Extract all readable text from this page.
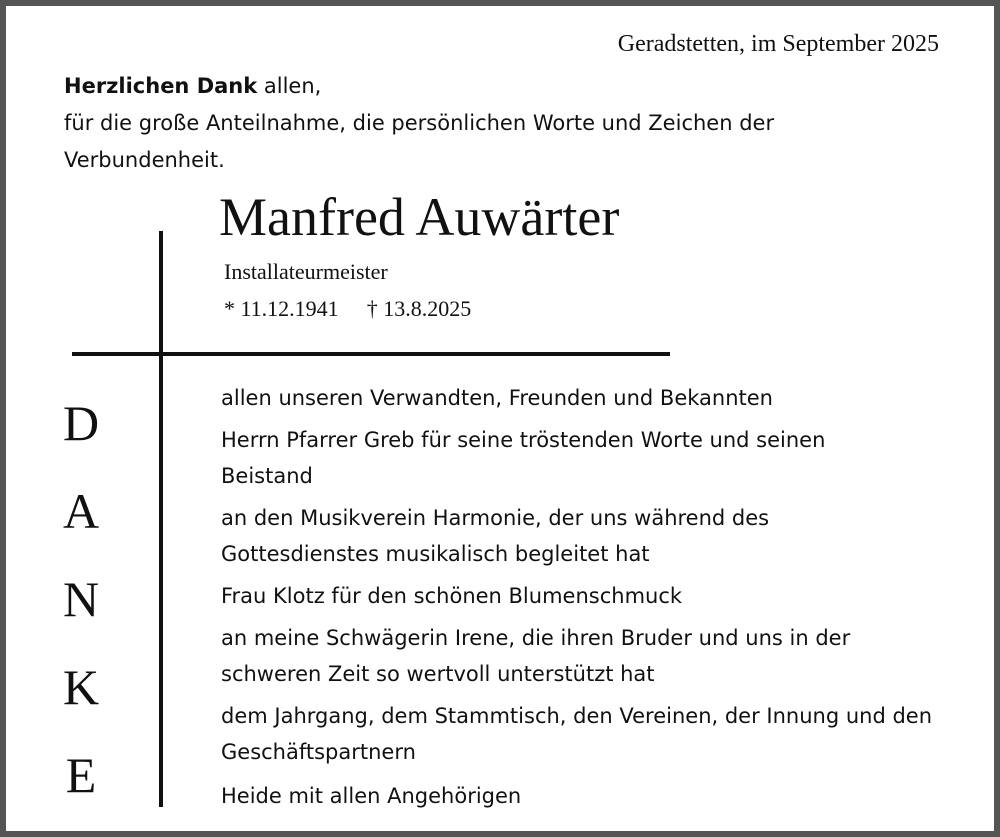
Geradstetten, im September 2025
Herzlichen Dank allen,
für die große Anteilnahme, die persönlichen Worte und Zeichen der
Verbundenheit.
Manfred Auwärter
Installateurmeister
* 11.12.1941 † 13.8.2025
D
A
N
K
E

allen unseren Verwandten, Freunden und Bekannten

Herrn Pfarrer Greb für seine tröstenden Worte und seinen Beistand

an den Musikverein Harmonie, der uns während des Gottesdienstes musikalisch begleitet hat

Frau Klotz für den schönen Blumenschmuck

an meine Schwägerin Irene, die ihren Bruder und uns in der schweren Zeit so wertvoll unterstützt hat

dem Jahrgang, dem Stammtisch, den Vereinen, der Innung und den Geschäftspartnern

Heide mit allen Angehörigen
